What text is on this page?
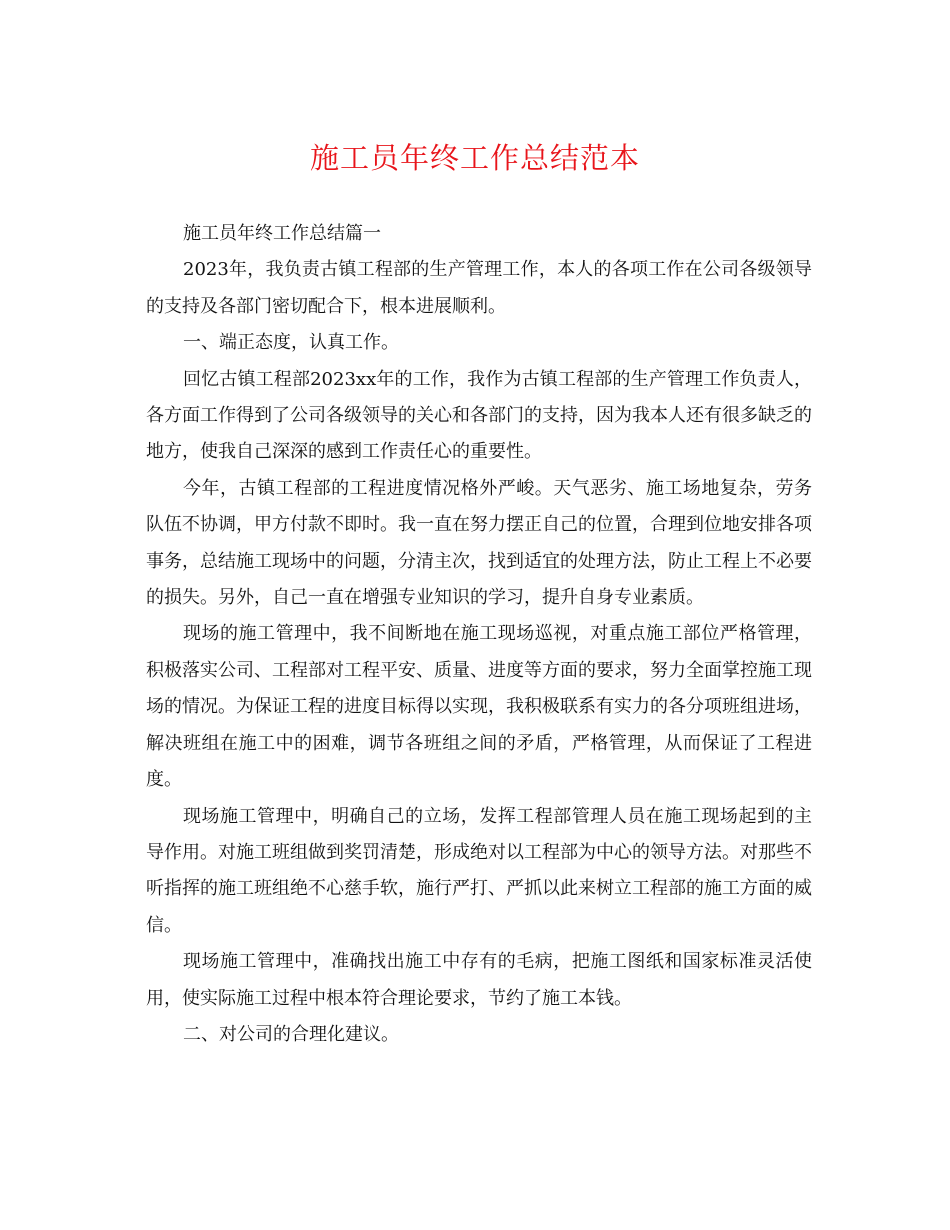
施工员年终工作总结范本

施工员年终工作总结篇一

2023年，我负责古镇工程部的生产管理工作，本人的各项工作在公司各级领导的支持及各部门密切配合下，根本进展顺利。

一、端正态度，认真工作。

回忆古镇工程部2023xx年的工作，我作为古镇工程部的生产管理工作负责人，各方面工作得到了公司各级领导的关心和各部门的支持，因为我本人还有很多缺乏的地方，使我自己深深的感到工作责任心的重要性。

今年，古镇工程部的工程进度情况格外严峻。天气恶劣、施工场地复杂，劳务队伍不协调，甲方付款不即时。我一直在努力摆正自己的位置，合理到位地安排各项事务，总结施工现场中的问题，分清主次，找到适宜的处理方法，防止工程上不必要的损失。另外，自己一直在增强专业知识的学习，提升自身专业素质。

现场的施工管理中，我不间断地在施工现场巡视，对重点施工部位严格管理，积极落实公司、工程部对工程平安、质量、进度等方面的要求，努力全面掌控施工现场的情况。为保证工程的进度目标得以实现，我积极联系有实力的各分项班组进场，解决班组在施工中的困难，调节各班组之间的矛盾，严格管理，从而保证了工程进度。

现场施工管理中，明确自己的立场，发挥工程部管理人员在施工现场起到的主导作用。对施工班组做到奖罚清楚，形成绝对以工程部为中心的领导方法。对那些不听指挥的施工班组绝不心慈手软，施行严打、严抓以此来树立工程部的施工方面的威信。

现场施工管理中，准确找出施工中存有的毛病，把施工图纸和国家标准灵活使用，使实际施工过程中根本符合理论要求，节约了施工本钱。

二、对公司的合理化建议。
